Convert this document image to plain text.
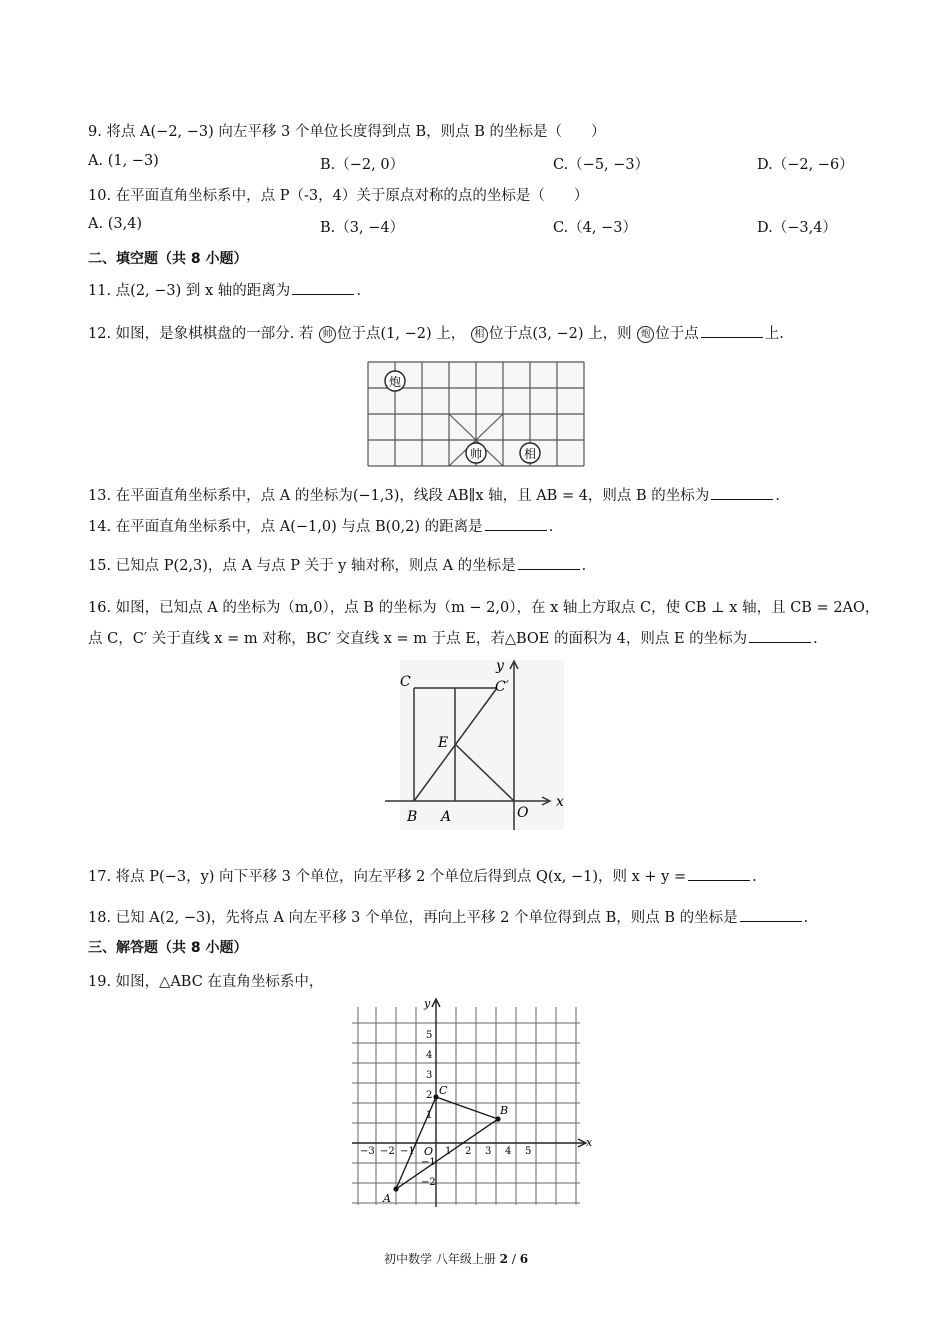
9. 将点 A(−2, −3) 向左平移 3 个单位长度得到点 B，则点 B 的坐标是（　　）
A. (1, −3)	B.（−2, 0）	C.（−5, −3）	D.（−2, −6）
10. 在平面直角坐标系中，点 P（-3，4）关于原点对称的点的坐标是（　　）
A. (3,4)	B.（3, −4）	C.（4, −3）	D.（−3,4）
二、填空题（共 8 小题）
11. 点(2, −3) 到 x 轴的距离为	.
12. 如图，是象棋棋盘的一部分. 若 帅 位于点(1, −2) 上， 相 位于点(3, −2) 上，则 炮 位于点	上.
炮
帅	相
13. 在平面直角坐标系中，点 A 的坐标为(−1,3)，线段 AB∥x 轴，且 AB = 4，则点 B 的坐标为	.
14. 在平面直角坐标系中，点 A(−1,0) 与点 B(0,2) 的距离是	.
15. 已知点 P(2,3)，点 A 与点 P 关于 y 轴对称，则点 A 的坐标是	.
16. 如图，已知点 A 的坐标为（m,0），点 B 的坐标为（m − 2,0），在 x 轴上方取点 C，使 CB ⊥ x 轴，且 CB = 2AO，
点 C，C′ 关于直线 x = m 对称，BC′ 交直线 x = m 于点 E，若△BOE 的面积为 4，则点 E 的坐标为	.
C	C′
E
B A	O
x
y
17. 将点 P(−3，y) 向下平移 3 个单位，向左平移 2 个单位后得到点 Q(x, −1)，则 x + y =	.
18. 已知 A(2, −3)，先将点 A 向左平移 3 个单位，再向上平移 2 个单位得到点 B，则点 B 的坐标是	.
三、解答题（共 8 小题）
19. 如图，△ABC 在直角坐标系中，
−3 −2 −1	1 2 3 4 5
5
4
3
2
1
−1
−2
O
x
y
A
C
B
初中数学 八年级上册 2 / 6
